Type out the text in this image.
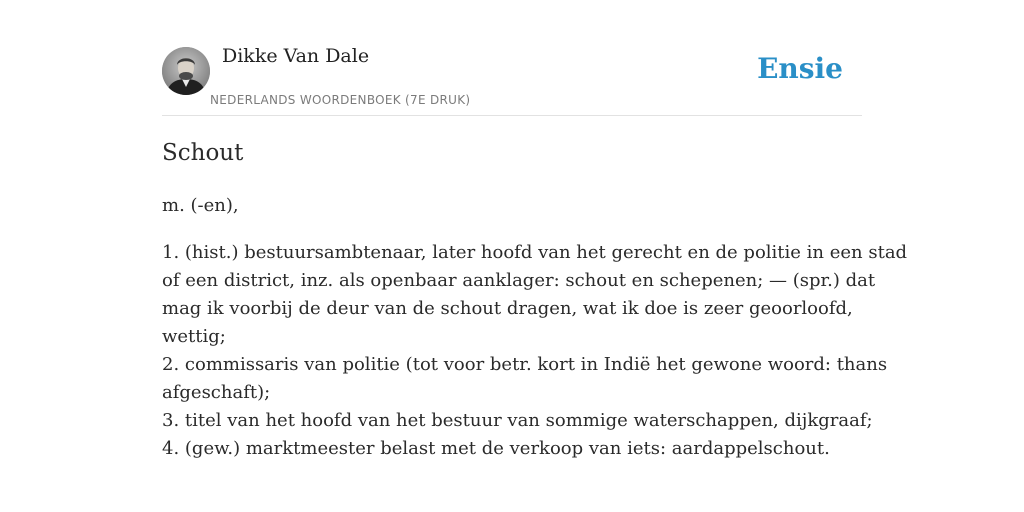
Dikke Van Dale
NEDERLANDS WOORDENBOEK (7E DRUK)
Ensie
Schout
m. (-en),
1. (hist.) bestuursambtenaar, later hoofd van het gerecht en de politie in een stad
of een district, inz. als openbaar aanklager: schout en schepenen; — (spr.) dat
mag ik voorbij de deur van de schout dragen, wat ik doe is zeer geoorloofd,
wettig;
2. commissaris van politie (tot voor betr. kort in Indië het gewone woord: thans
afgeschaft);
3. titel van het hoofd van het bestuur van sommige waterschappen, dijkgraaf;
4. (gew.) marktmeester belast met de verkoop van iets: aardappelschout.
